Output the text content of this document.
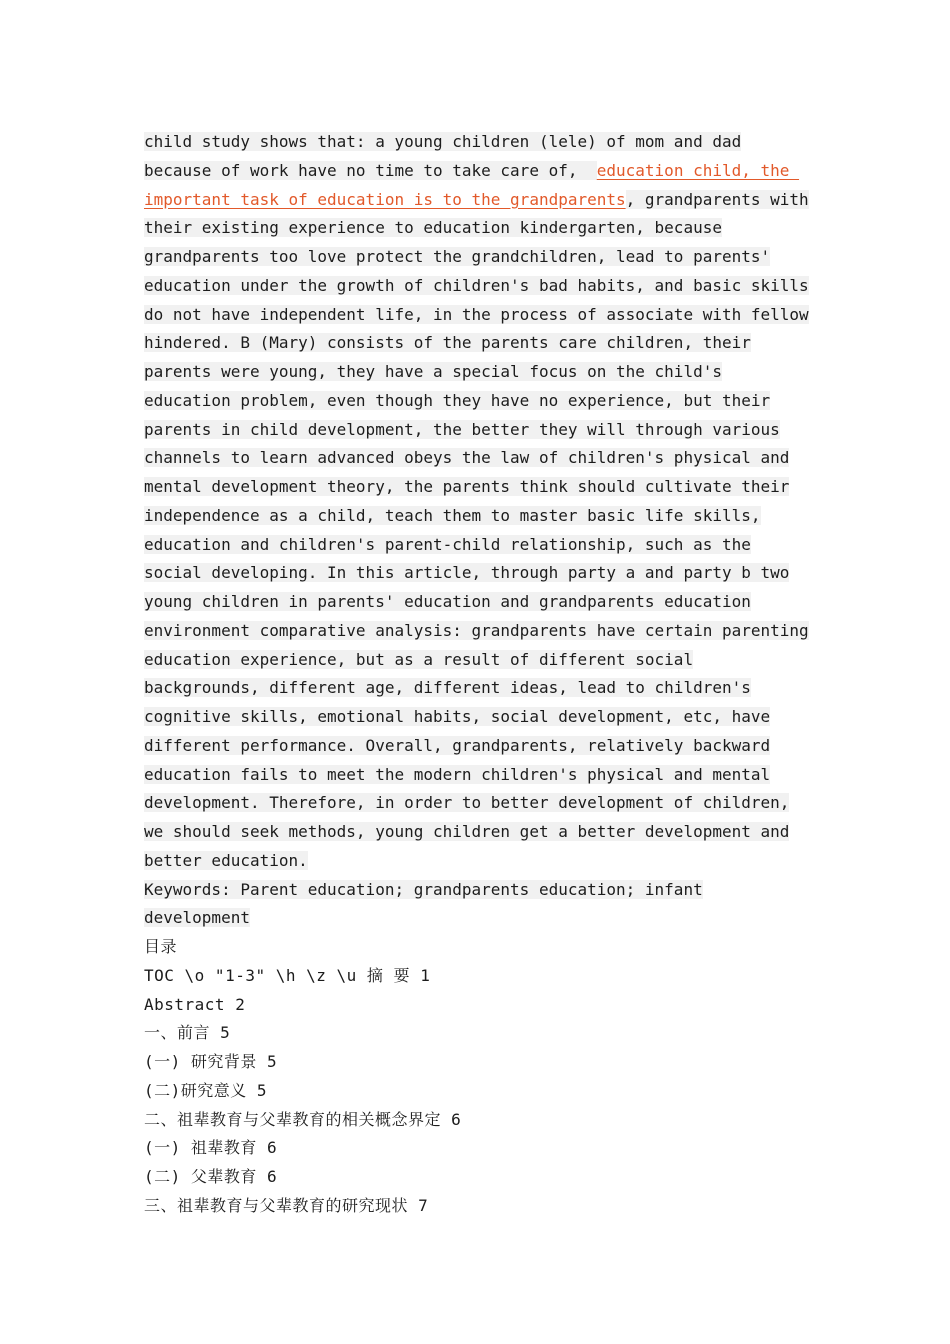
child study shows that: a young children (lele) of mom and dad
because of work have no time to take care of,  education child, the
important task of education is to the grandparents, grandparents with
their existing experience to education kindergarten, because
grandparents too love protect the grandchildren, lead to parents'
education under the growth of children's bad habits, and basic skills
do not have independent life, in the process of associate with fellow
hindered. B (Mary) consists of the parents care children, their
parents were young, they have a special focus on the child's
education problem, even though they have no experience, but their
parents in child development, the better they will through various
channels to learn advanced obeys the law of children's physical and
mental development theory, the parents think should cultivate their
independence as a child, teach them to master basic life skills,
education and children's parent-child relationship, such as the
social developing. In this article, through party a and party b two
young children in parents' education and grandparents education
environment comparative analysis: grandparents have certain parenting
education experience, but as a result of different social
backgrounds, different age, different ideas, lead to children's
cognitive skills, emotional habits, social development, etc, have
different performance. Overall, grandparents, relatively backward
education fails to meet the modern children's physical and mental
development. Therefore, in order to better development of children,
we should seek methods, young children get a better development and
better education.
Keywords: Parent education; grandparents education; infant
development
目录
TOC \o "1-3" \h \z \u 摘 要 1
Abstract 2
一、前言 5
(一) 研究背景 5
(二)研究意义 5
二、祖辈教育与父辈教育的相关概念界定 6
(一) 祖辈教育 6
(二) 父辈教育 6
三、祖辈教育与父辈教育的研究现状 7
